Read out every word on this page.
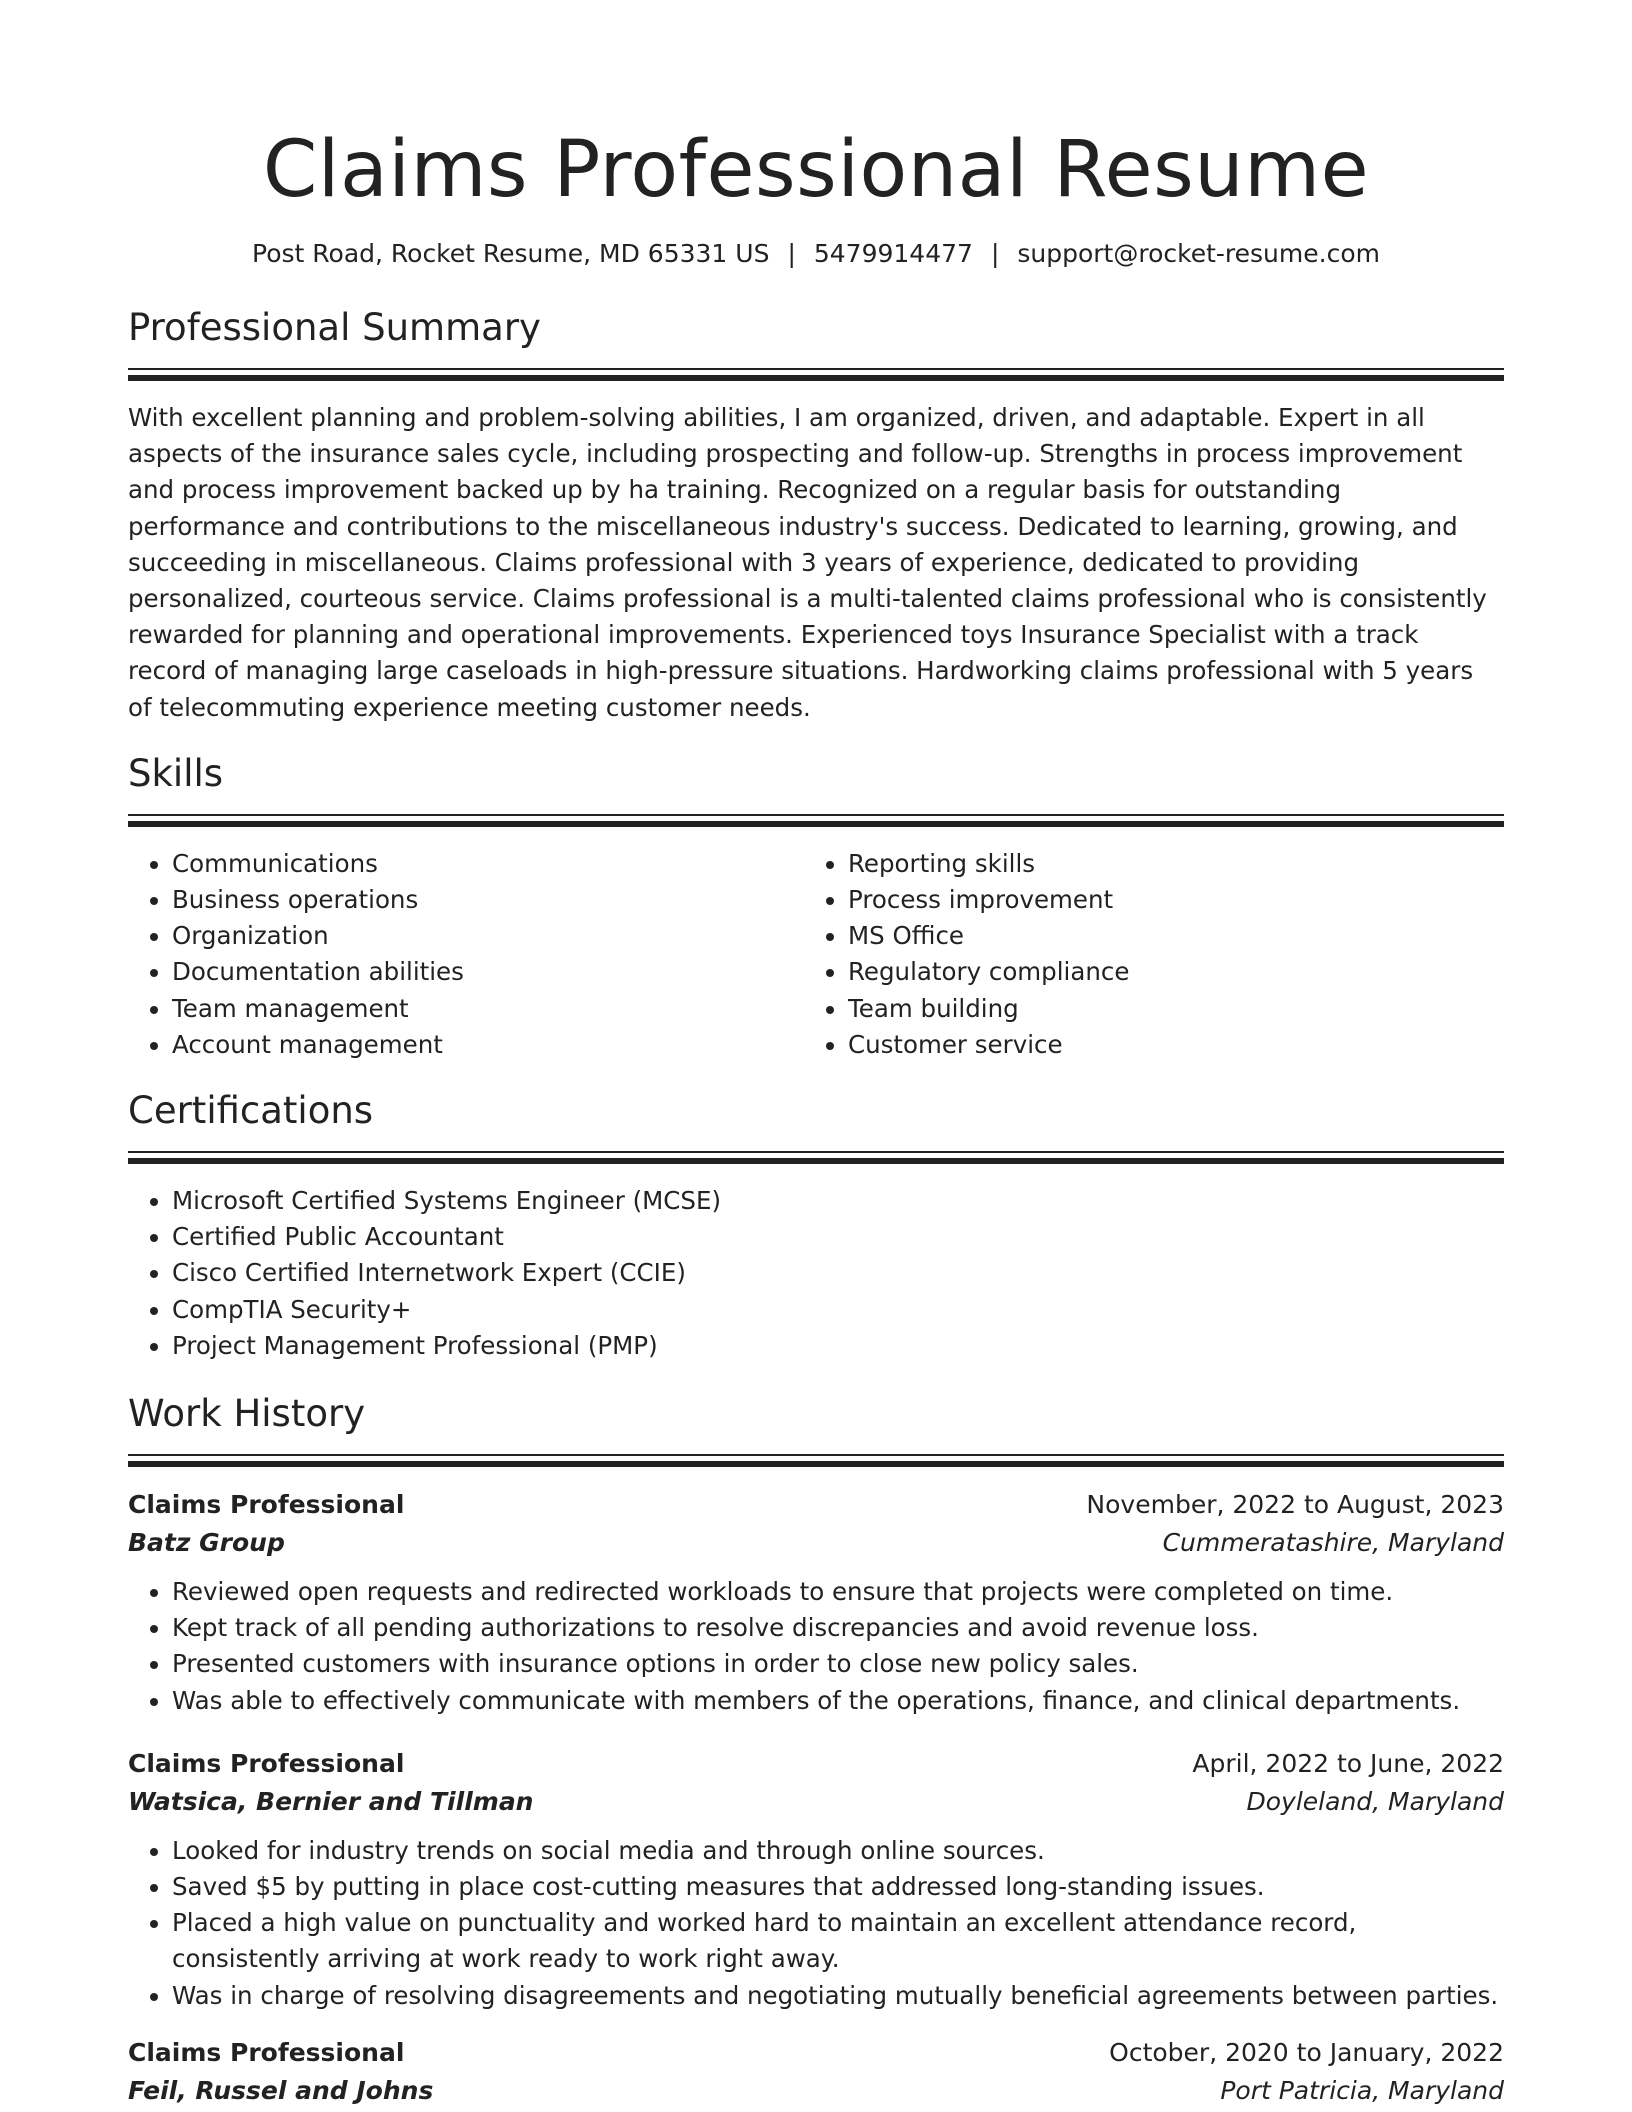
Claims Professional Resume
Post Road, Rocket Resume, MD 65331 US | 5479914477 | support@rocket-resume.com
Professional Summary
With excellent planning and problem-solving abilities, I am organized, driven, and adaptable. Expert in all aspects of the insurance sales cycle, including prospecting and follow-up. Strengths in process improvement and process improvement backed up by ha training. Recognized on a regular basis for outstanding performance and contributions to the miscellaneous industry's success. Dedicated to learning, growing, and succeeding in miscellaneous. Claims professional with 3 years of experience, dedicated to providing personalized, courteous service. Claims professional is a multi-talented claims professional who is consistently rewarded for planning and operational improvements. Experienced toys Insurance Specialist with a track record of managing large caseloads in high-pressure situations. Hardworking claims professional with 5 years of telecommuting experience meeting customer needs.
Skills
• Communications
• Business operations
• Organization
• Documentation abilities
• Team management
• Account management
• Reporting skills
• Process improvement
• MS Office
• Regulatory compliance
• Team building
• Customer service
Certifications
• Microsoft Certified Systems Engineer (MCSE)
• Certified Public Accountant
• Cisco Certified Internetwork Expert (CCIE)
• CompTIA Security+
• Project Management Professional (PMP)
Work History
Claims Professional	November, 2022 to August, 2023
Batz Group	Cummeratashire, Maryland
• Reviewed open requests and redirected workloads to ensure that projects were completed on time.
• Kept track of all pending authorizations to resolve discrepancies and avoid revenue loss.
• Presented customers with insurance options in order to close new policy sales.
• Was able to effectively communicate with members of the operations, finance, and clinical departments.
Claims Professional	April, 2022 to June, 2022
Watsica, Bernier and Tillman	Doyleland, Maryland
• Looked for industry trends on social media and through online sources.
• Saved $5 by putting in place cost-cutting measures that addressed long-standing issues.
• Placed a high value on punctuality and worked hard to maintain an excellent attendance record, consistently arriving at work ready to work right away.
• Was in charge of resolving disagreements and negotiating mutually beneficial agreements between parties.
Claims Professional	October, 2020 to January, 2022
Feil, Russel and Johns	Port Patricia, Maryland
